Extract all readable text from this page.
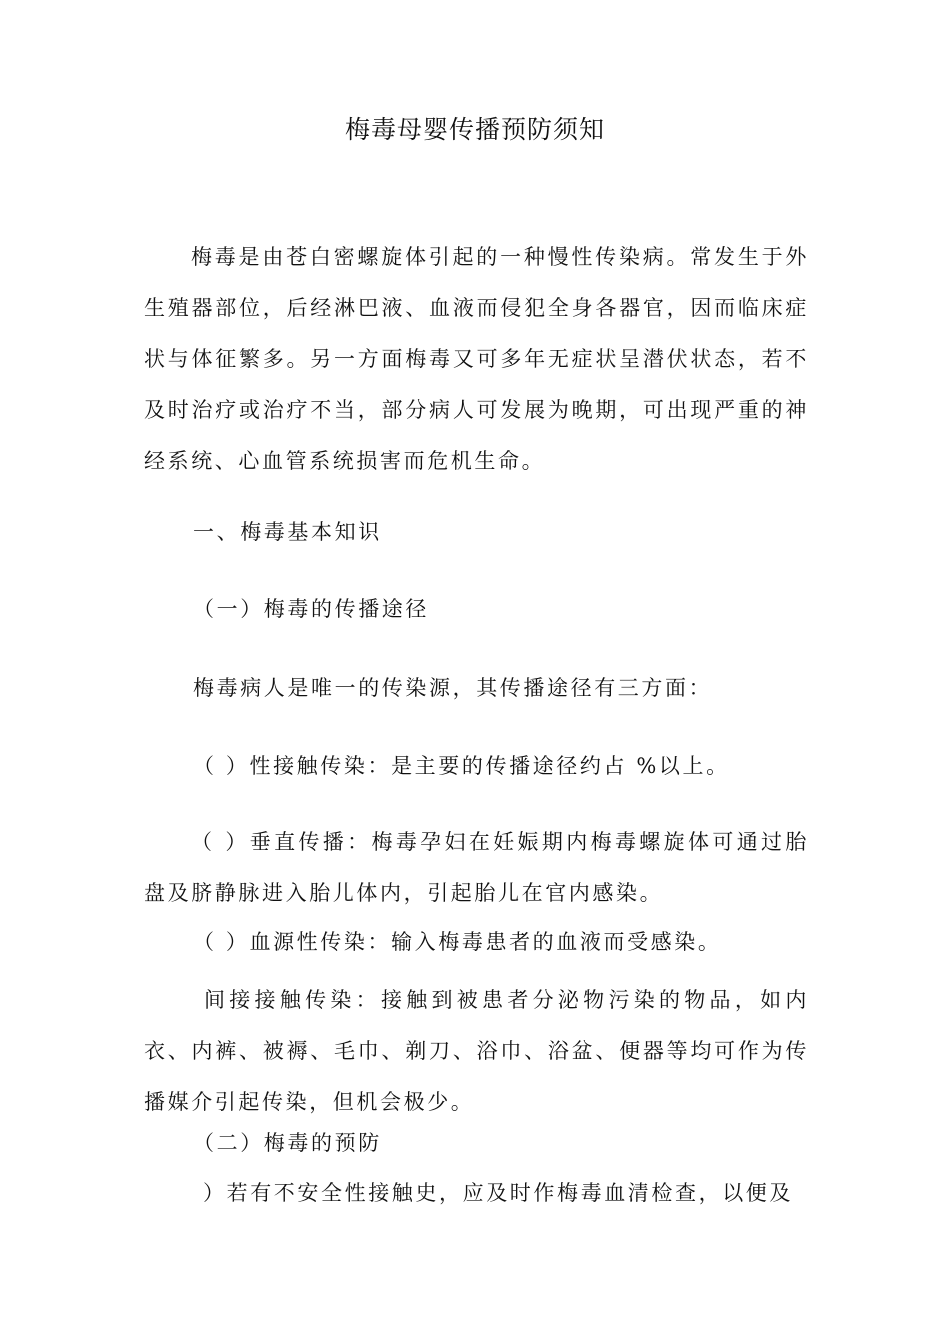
梅毒母婴传播预防须知

梅毒是由苍白密螺旋体引起的一种慢性传染病。常发生于外生殖器部位，后经淋巴液、血液而侵犯全身各器官，因而临床症状与体征繁多。另一方面梅毒又可多年无症状呈潜伏状态，若不及时治疗或治疗不当，部分病人可发展为晚期，可出现严重的神经系统、心血管系统损害而危机生命。

一、梅毒基本知识

（一）梅毒的传播途径

梅毒病人是唯一的传染源，其传播途径有三方面：

（ ）性接触传染：是主要的传播途径约占 %以上。

（ ）垂直传播：梅毒孕妇在妊娠期内梅毒螺旋体可通过胎盘及脐静脉进入胎儿体内，引起胎儿在官内感染。

（ ）血源性传染：输入梅毒患者的血液而受感染。

间接接触传染：接触到被患者分泌物污染的物品，如内衣、内裤、被褥、毛巾、剃刀、浴巾、浴盆、便器等均可作为传播媒介引起传染，但机会极少。

（二）梅毒的预防

）若有不安全性接触史，应及时作梅毒血清检查，以便及
